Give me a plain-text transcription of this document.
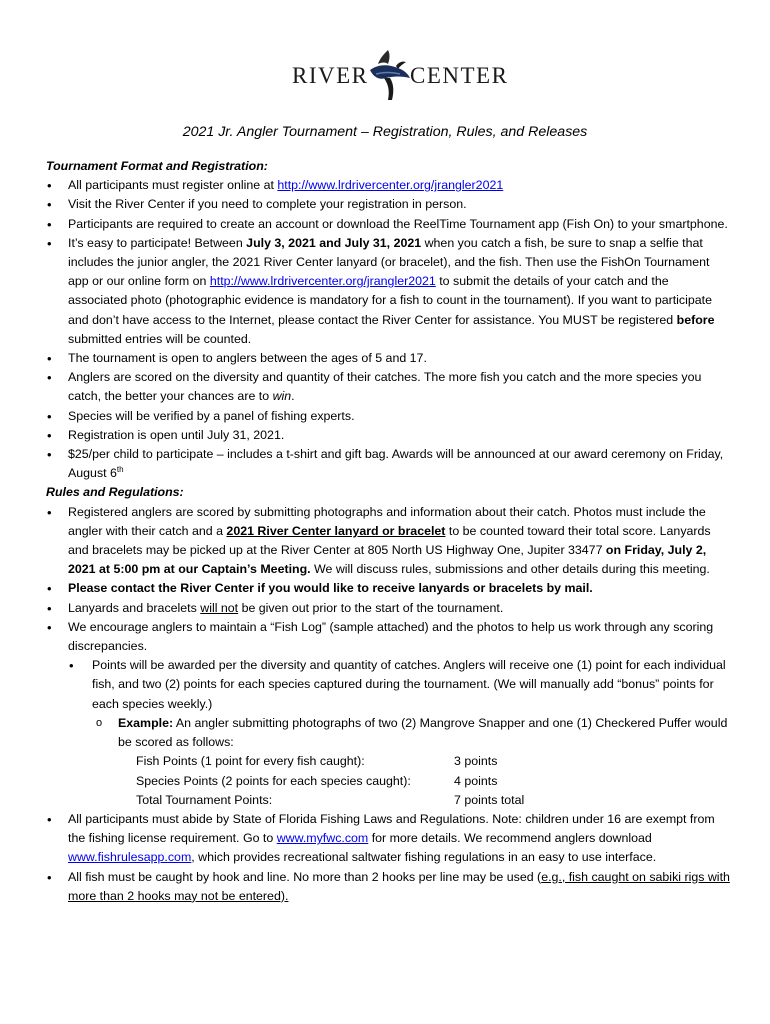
RIVER CENTER
2021 Jr. Angler Tournament – Registration, Rules, and Releases
Tournament Format and Registration:
• All participants must register online at http://www.lrdrivercenter.org/jrangler2021
• Visit the River Center if you need to complete your registration in person.
• Participants are required to create an account or download the ReelTime Tournament app (Fish On) to your smartphone.
• It’s easy to participate! Between July 3, 2021 and July 31, 2021 when you catch a fish, be sure to snap a selfie that includes the junior angler, the 2021 River Center lanyard (or bracelet), and the fish. Then use the FishOn Tournament app or our online form on http://www.lrdrivercenter.org/jrangler2021 to submit the details of your catch and the associated photo (photographic evidence is mandatory for a fish to count in the tournament). If you want to participate and don’t have access to the Internet, please contact the River Center for assistance. You MUST be registered before submitted entries will be counted.
• The tournament is open to anglers between the ages of 5 and 17.
• Anglers are scored on the diversity and quantity of their catches. The more fish you catch and the more species you catch, the better your chances are to win.
• Species will be verified by a panel of fishing experts.
• Registration is open until July 31, 2021.
• $25/per child to participate – includes a t-shirt and gift bag. Awards will be announced at our award ceremony on Friday, August 6th
Rules and Regulations:
• Registered anglers are scored by submitting photographs and information about their catch. Photos must include the angler with their catch and a 2021 River Center lanyard or bracelet to be counted toward their total score. Lanyards and bracelets may be picked up at the River Center at 805 North US Highway One, Jupiter 33477 on Friday, July 2, 2021 at 5:00 pm at our Captain’s Meeting. We will discuss rules, submissions and other details during this meeting.
• Please contact the River Center if you would like to receive lanyards or bracelets by mail.
• Lanyards and bracelets will not be given out prior to the start of the tournament.
• We encourage anglers to maintain a “Fish Log” (sample attached) and the photos to help us work through any scoring discrepancies.
• Points will be awarded per the diversity and quantity of catches. Anglers will receive one (1) point for each individual fish, and two (2) points for each species captured during the tournament. (We will manually add “bonus” points for each species weekly.)
o Example: An angler submitting photographs of two (2) Mangrove Snapper and one (1) Checkered Puffer would be scored as follows:
Fish Points (1 point for every fish caught):	3 points
Species Points (2 points for each species caught):	4 points
Total Tournament Points:	7 points total
• All participants must abide by State of Florida Fishing Laws and Regulations. Note: children under 16 are exempt from the fishing license requirement. Go to www.myfwc.com for more details. We recommend anglers download www.fishrulesapp.com, which provides recreational saltwater fishing regulations in an easy to use interface.
• All fish must be caught by hook and line. No more than 2 hooks per line may be used (e.g., fish caught on sabiki rigs with more than 2 hooks may not be entered).
